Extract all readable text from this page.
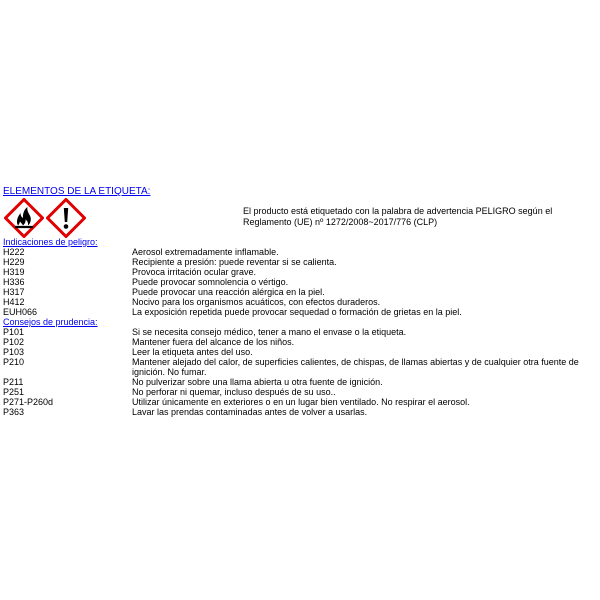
ELEMENTOS DE LA ETIQUETA:
El producto está etiquetado con la palabra de advertencia PELIGRO según el Reglamento (UE) nº 1272/2008~2017/776 (CLP)
Indicaciones de peligro:
H222	Aerosol extremadamente inflamable.
H229	Recipiente a presión: puede reventar si se calienta.
H319	Provoca irritación ocular grave.
H336	Puede provocar somnolencia o vértigo.
H317	Puede provocar una reacción alérgica en la piel.
H412	Nocivo para los organismos acuáticos, con efectos duraderos.
EUH066	La exposición repetida puede provocar sequedad o formación de grietas en la piel.
Consejos de prudencia:
P101	Si se necesita consejo médico, tener a mano el envase o la etiqueta.
P102	Mantener fuera del alcance de los niños.
P103	Leer la etiqueta antes del uso.
P210	Mantener alejado del calor, de superficies calientes, de chispas, de llamas abiertas y de cualquier otra fuente de ignición. No fumar.
P211	No pulverizar sobre una llama abierta u otra fuente de ignición.
P251	No perforar ni quemar, incluso después de su uso..
P271-P260d	Utilizar únicamente en exteriores o en un lugar bien ventilado. No respirar el aerosol.
P363	Lavar las prendas contaminadas antes de volver a usarlas.
